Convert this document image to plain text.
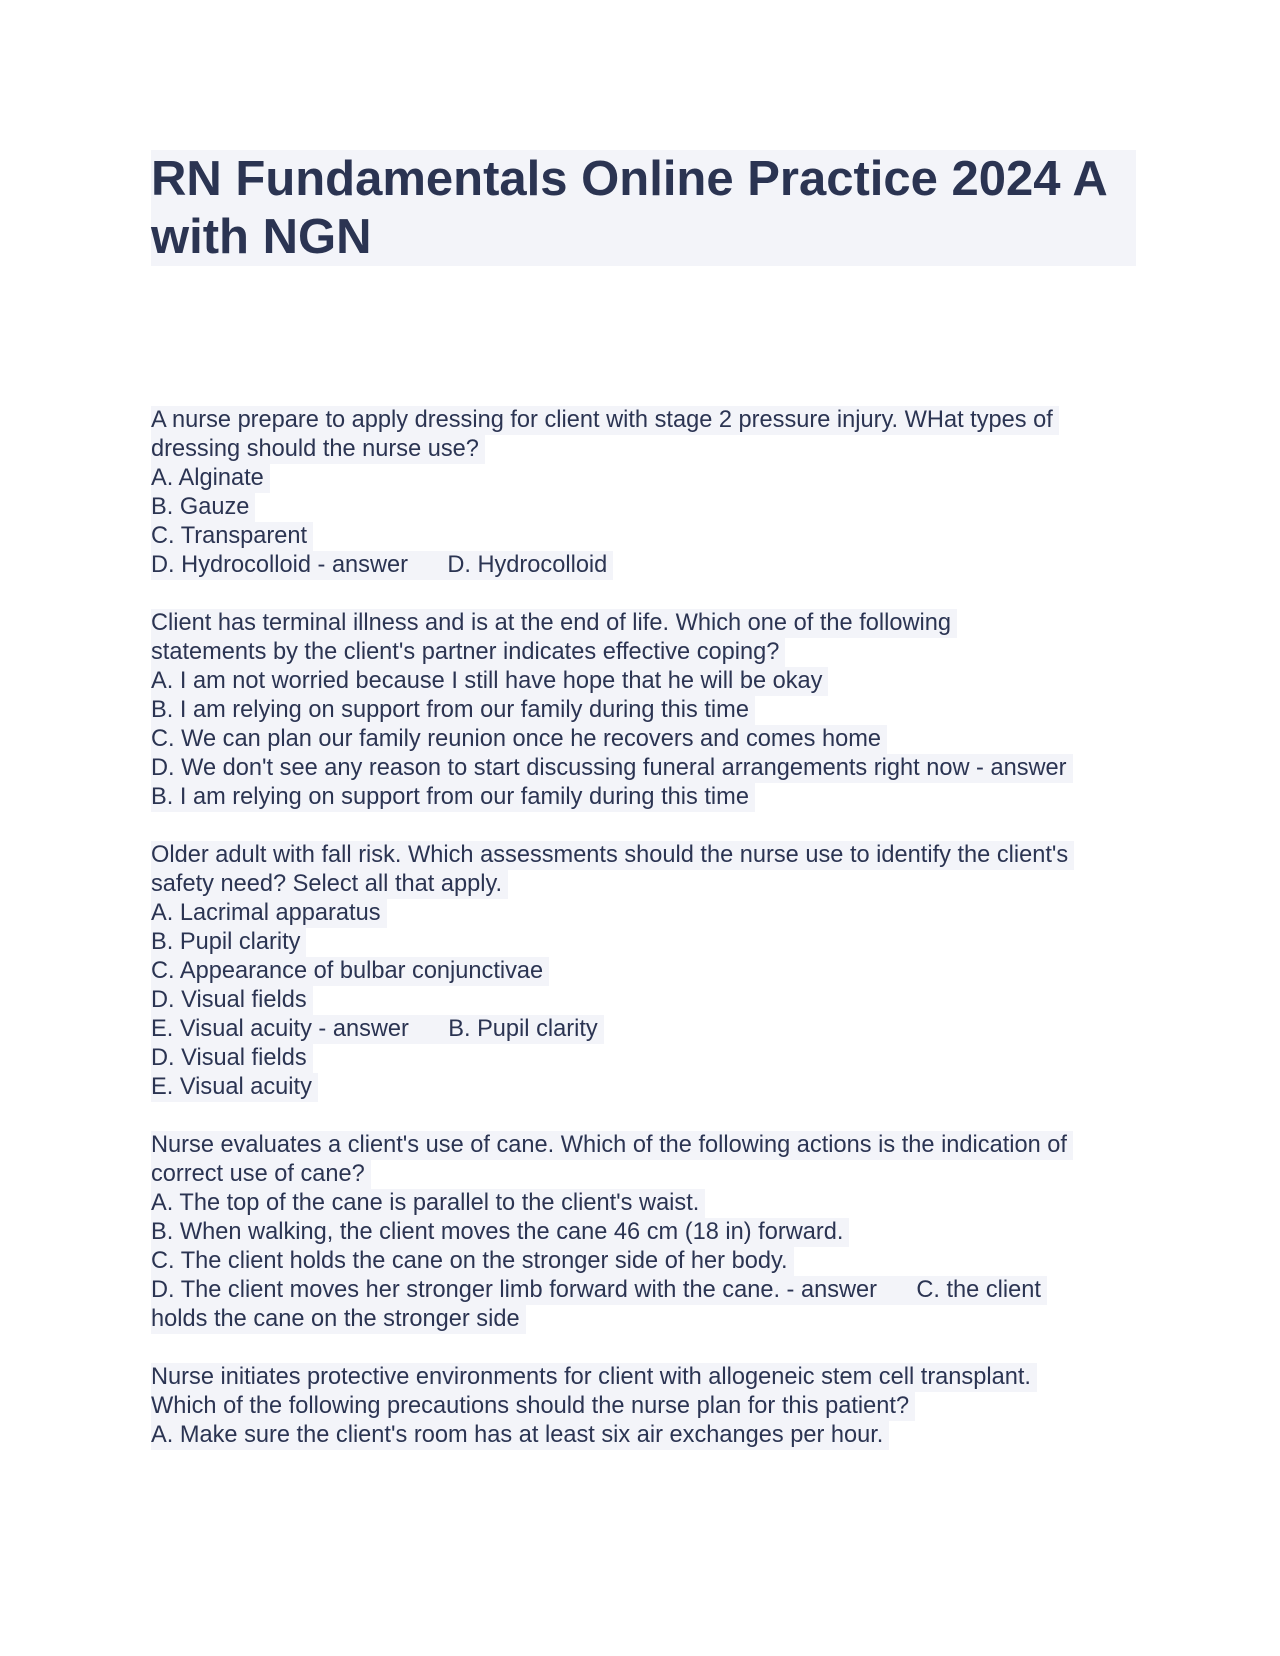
RN Fundamentals Online Practice 2024 A with NGN
A nurse prepare to apply dressing for client with stage 2 pressure injury. WHat types of
dressing should the nurse use?
A. Alginate
B. Gauze
C. Transparent
D. Hydrocolloid - answer      D. Hydrocolloid
Client has terminal illness and is at the end of life. Which one of the following
statements by the client's partner indicates effective coping?
A. I am not worried because I still have hope that he will be okay
B. I am relying on support from our family during this time
C. We can plan our family reunion once he recovers and comes home
D. We don't see any reason to start discussing funeral arrangements right now - answer
B. I am relying on support from our family during this time
Older adult with fall risk. Which assessments should the nurse use to identify the client's
safety need? Select all that apply.
A. Lacrimal apparatus
B. Pupil clarity
C. Appearance of bulbar conjunctivae
D. Visual fields
E. Visual acuity - answer      B. Pupil clarity
D. Visual fields
E. Visual acuity
Nurse evaluates a client's use of cane. Which of the following actions is the indication of
correct use of cane?
A. The top of the cane is parallel to the client's waist.
B. When walking, the client moves the cane 46 cm (18 in) forward.
C. The client holds the cane on the stronger side of her body.
D. The client moves her stronger limb forward with the cane. - answer      C. the client
holds the cane on the stronger side
Nurse initiates protective environments for client with allogeneic stem cell transplant.
Which of the following precautions should the nurse plan for this patient?
A. Make sure the client's room has at least six air exchanges per hour.
